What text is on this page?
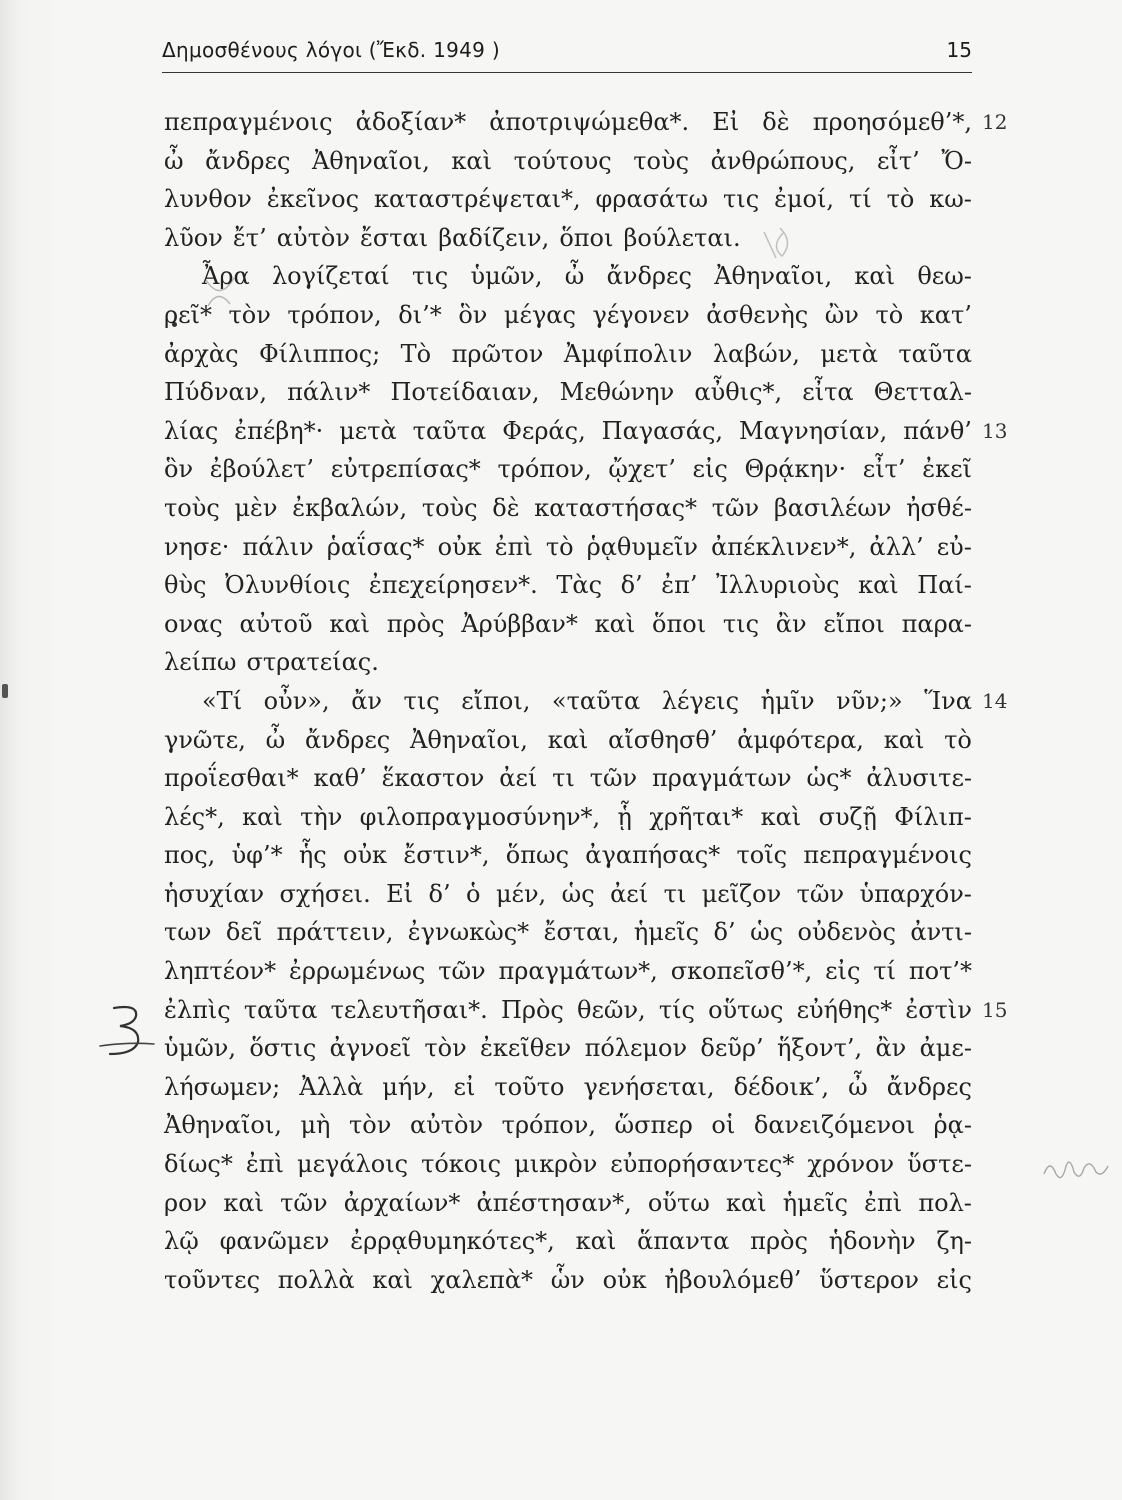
Δημοσθένους λόγοι (Ἔκδ. 1949 )	15
πεπραγμένοις ἀδοξίαν* ἀποτριψώμεθα*. Εἰ δὲ προησόμεθ’*, 12
ὦ ἄνδρες Ἀθηναῖοι, καὶ τούτους τοὺς ἀνθρώπους, εἶτ’ Ὄ-
λυνθον ἐκεῖνος καταστρέψεται*, φρασάτω τις ἐμοί, τί τὸ κω-
λῦον ἔτ’ αὐτὸν ἔσται βαδίζειν, ὅποι βούλεται.
Ἆρα λογίζεταί τις ὑμῶν, ὦ ἄνδρες Ἀθηναῖοι, καὶ θεω-
ρεῖ* τὸν τρόπον, δι’* ὃν μέγας γέγονεν ἀσθενὴς ὢν τὸ κατ’
ἀρχὰς Φίλιππος; Τὸ πρῶτον Ἀμφίπολιν λαβών, μετὰ ταῦτα
Πύδναν, πάλιν* Ποτείδαιαν, Μεθώνην αὖθις*, εἶτα Θετταλ-
λίας ἐπέβη*· μετὰ ταῦτα Φεράς, Παγασάς, Μαγνησίαν, πάνθ’ 13
ὃν ἐβούλετ’ εὐτρεπίσας* τρόπον, ᾤχετ’ εἰς Θρᾴκην· εἶτ’ ἐκεῖ
τοὺς μὲν ἐκβαλών, τοὺς δὲ καταστήσας* τῶν βασιλέων ἠσθέ-
νησε· πάλιν ῥαΐσας* οὐκ ἐπὶ τὸ ῥᾳθυμεῖν ἀπέκλινεν*, ἀλλ’ εὐ-
θὺς Ὀλυνθίοις ἐπεχείρησεν*. Τὰς δ’ ἐπ’ Ἰλλυριοὺς καὶ Παί-
ονας αὐτοῦ καὶ πρὸς Ἀρύββαν* καὶ ὅποι τις ἂν εἴποι παρα-
λείπω στρατείας.
«Τί οὖν», ἄν τις εἴποι, «ταῦτα λέγεις ἡμῖν νῦν;» Ἵνα 14
γνῶτε, ὦ ἄνδρες Ἀθηναῖοι, καὶ αἴσθησθ’ ἀμφότερα, καὶ τὸ
προΐεσθαι* καθ’ ἕκαστον ἀεί τι τῶν πραγμάτων ὡς* ἀλυσιτε-
λές*, καὶ τὴν φιλοπραγμοσύνην*, ᾗ χρῆται* καὶ συζῇ Φίλιπ-
πος, ὑφ’* ἧς οὐκ ἔστιν*, ὅπως ἀγαπήσας* τοῖς πεπραγμένοις
ἡσυχίαν σχήσει. Εἰ δ’ ὁ μέν, ὡς ἀεί τι μεῖζον τῶν ὑπαρχόν-
των δεῖ πράττειν, ἐγνωκὼς* ἔσται, ἡμεῖς δ’ ὡς οὐδενὸς ἀντι-
ληπτέον* ἐρρωμένως τῶν πραγμάτων*, σκοπεῖσθ’*, εἰς τί ποτ’*
ἐλπὶς ταῦτα τελευτῆσαι*. Πρὸς θεῶν, τίς οὕτως εὐήθης* ἐστὶν 15
ὑμῶν, ὅστις ἀγνοεῖ τὸν ἐκεῖθεν πόλεμον δεῦρ’ ἥξοντ’, ἂν ἀμε-
λήσωμεν; Ἀλλὰ μήν, εἰ τοῦτο γενήσεται, δέδοικ’, ὦ ἄνδρες
Ἀθηναῖοι, μὴ τὸν αὐτὸν τρόπον, ὥσπερ οἱ δανειζόμενοι ῥᾳ-
δίως* ἐπὶ μεγάλοις τόκοις μικρὸν εὐπορήσαντες* χρόνον ὕστε-
ρον καὶ τῶν ἀρχαίων* ἀπέστησαν*, οὕτω καὶ ἡμεῖς ἐπὶ πολ-
λῷ φανῶμεν ἐρρᾳθυμηκότες*, καὶ ἅπαντα πρὸς ἡδονὴν ζη-
τοῦντες πολλὰ καὶ χαλεπὰ* ὧν οὐκ ἠβουλόμεθ’ ὕστερον εἰς
3
